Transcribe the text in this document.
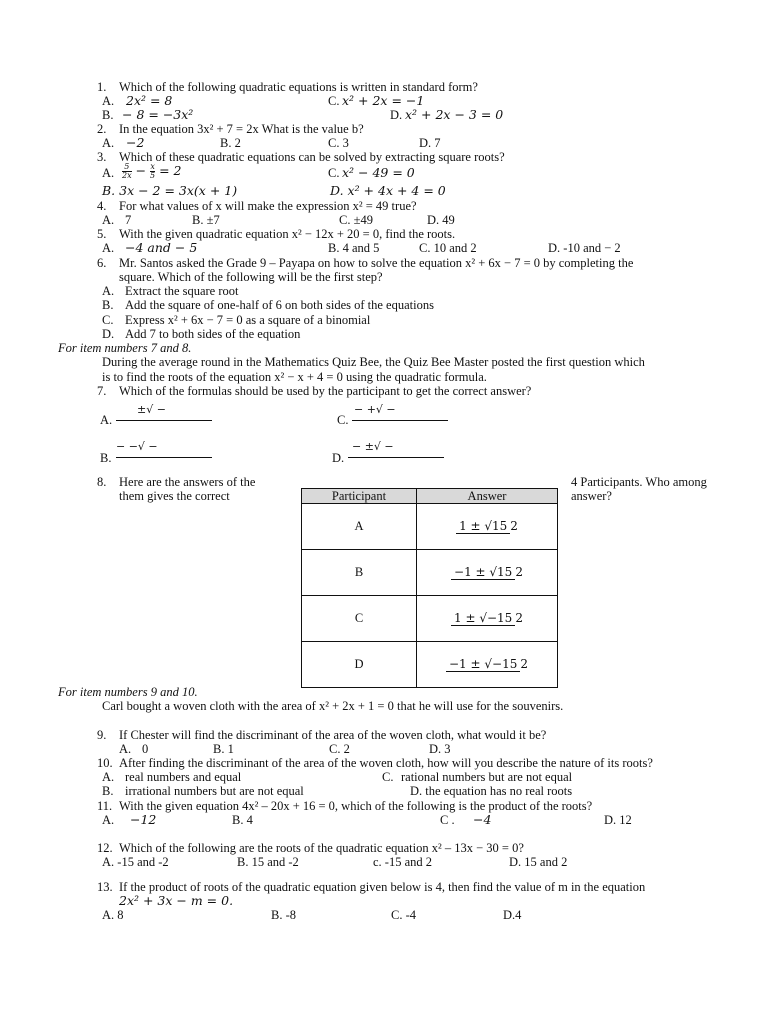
1. Which of the following quadratic equations is written in standard form?
A. 2x² = 8	C. x² + 2x = −1
B. − 8 = −3x²	D. x² + 2x − 3 = 0
2. In the equation 3x² + 7 = 2x What is the value b?
A. −2	B. 2	C. 3	D. 7
3. Which of these quadratic equations can be solved by extracting square roots?
A. $\frac{5}{2x} - \frac{x}{5} = 2$	C. x² − 49 = 0
B. 3x − 2 = 3x(x + 1)	D. x² + 4x + 4 = 0
4. For what values of x will make the expression x² = 49 true?
A. 7	B. ±7	C. ±49	D. 49
5. With the given quadratic equation x² − 12x + 20 = 0, find the roots.
A. −4 and − 5	B. 4 and 5	C. 10 and 2	D. -10 and − 2
6. Mr. Santos asked the Grade 9 – Payapa on how to solve the equation x² + 6x − 7 = 0 by completing the
square. Which of the following will be the first step?
A. Extract the square root
B. Add the square of one-half of 6 on both sides of the equations
C. Express x² + 6x − 7 = 0 as a square of a binomial
D. Add 7 to both sides of the equation
For item numbers 7 and 8.
During the average round in the Mathematics Quiz Bee, the Quiz Bee Master posted the first question which
is to find the roots of the equation x² − x + 4 = 0 using the quadratic formula.
7. Which of the formulas should be used by the participant to get the correct answer?
A.
±√ −
C.
− +√ −
B.
− −√ −
D.
− ±√ −
8. Here are the answers of the
them gives the correct
4 Participants. Who among
answer?
Participant	Answer
A	1 ± √15 2
B	−1 ± √15 2
C	1 ± √−15 2
D	−1 ± √−15 2
For item numbers 9 and 10.
Carl bought a woven cloth with the area of x² + 2x + 1 = 0 that he will use for the souvenirs.
9. If Chester will find the discriminant of the area of the woven cloth, what would it be?
A. 0	B. 1	C. 2	D. 3
10. After finding the discriminant of the area of the woven cloth, how will you describe the nature of its roots?
A. real numbers and equal	C. rational numbers but are not equal
B. irrational numbers but are not equal	D. the equation has no real roots
11. With the given equation 4x² – 20x + 16 = 0, which of the following is the product of the roots?
A. −12	B. 4	C . −4	D. 12
12. Which of the following are the roots of the quadratic equation x² – 13x − 30 = 0?
A. -15 and -2	B. 15 and -2	c. -15 and 2	D. 15 and 2
13. If the product of roots of the quadratic equation given below is 4, then find the value of m in the equation
2x² + 3x − m = 0.
A. 8	B. -8	C. -4	D.4
